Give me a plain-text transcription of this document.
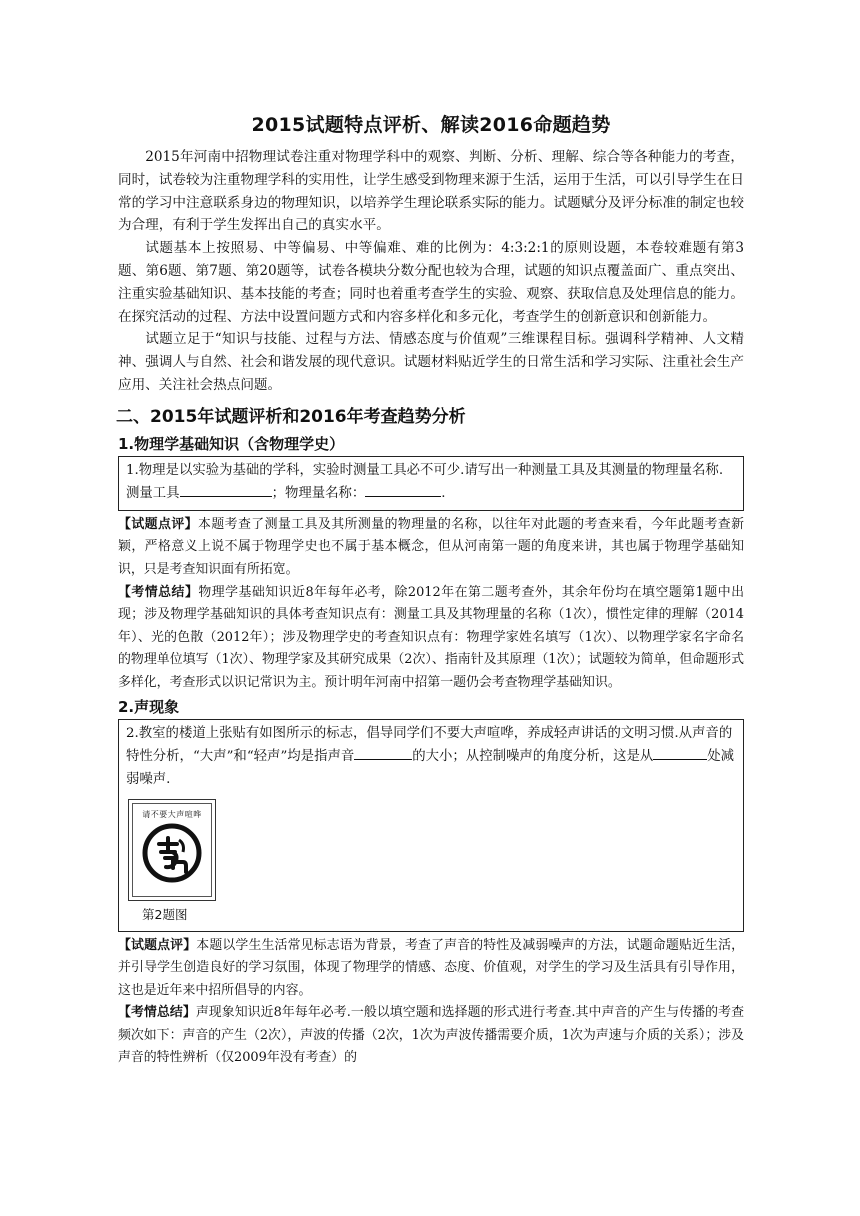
2015试题特点评析、解读2016命题趋势

2015年河南中招物理试卷注重对物理学科中的观察、判断、分析、理解、综合等各种能力的考查，同时，试卷较为注重物理学科的实用性，让学生感受到物理来源于生活，运用于生活，可以引导学生在日常的学习中注意联系身边的物理知识，以培养学生理论联系实际的能力。试题赋分及评分标准的制定也较为合理，有利于学生发挥出自己的真实水平。

试题基本上按照易、中等偏易、中等偏难、难的比例为：4:3:2:1的原则设题，本卷较难题有第3题、第6题、第7题、第20题等，试卷各模块分数分配也较为合理，试题的知识点覆盖面广、重点突出、注重实验基础知识、基本技能的考查；同时也着重考查学生的实验、观察、获取信息及处理信息的能力。在探究活动的过程、方法中设置问题方式和内容多样化和多元化，考查学生的创新意识和创新能力。

试题立足于“知识与技能、过程与方法、情感态度与价值观”三维课程目标。强调科学精神、人文精神、强调人与自然、社会和谐发展的现代意识。试题材料贴近学生的日常生活和学习实际、注重社会生产应用、关注社会热点问题。

二、2015年试题评析和2016年考查趋势分析
1.物理学基础知识（含物理学史）
1.物理是以实验为基础的学科，实验时测量工具必不可少.请写出一种测量工具及其测量的物理量名称.测量工具	；物理量名称：	.

【试题点评】本题考查了测量工具及其所测量的物理量的名称，以往年对此题的考查来看，今年此题考查新颖，严格意义上说不属于物理学史也不属于基本概念，但从河南第一题的角度来讲，其也属于物理学基础知识，只是考查知识面有所拓宽。

【考情总结】物理学基础知识近8年每年必考，除2012年在第二题考查外，其余年份均在填空题第1题中出现；涉及物理学基础知识的具体考查知识点有：测量工具及其物理量的名称（1次），惯性定律的理解（2014年）、光的色散（2012年）；涉及物理学史的考查知识点有：物理学家姓名填写（1次）、以物理学家名字命名的物理单位填写（1次）、物理学家及其研究成果（2次）、指南针及其原理（1次）；试题较为简单，但命题形式多样化，考查形式以识记常识为主。预计明年河南中招第一题仍会考查物理学基础知识。

2.声现象
2.教室的楼道上张贴有如图所示的标志，倡导同学们不要大声喧哗，养成轻声讲话的文明习惯.从声音的特性分析，“大声”和“轻声”均是指声音	的大小；从控制噪声的角度分析，这是从	处减弱噪声.
请不要大声喧哗
第2题图

【试题点评】本题以学生生活常见标志语为背景，考查了声音的特性及减弱噪声的方法，试题命题贴近生活，并引导学生创造良好的学习氛围，体现了物理学的情感、态度、价值观，对学生的学习及生活具有引导作用，这也是近年来中招所倡导的内容。

【考情总结】声现象知识近8年每年必考.一般以填空题和选择题的形式进行考查.其中声音的产生与传播的考查频次如下：声音的产生（2次），声波的传播（2次，1次为声波传播需要介质，1次为声速与介质的关系）；涉及声音的特性辨析（仅2009年没有考查）的
